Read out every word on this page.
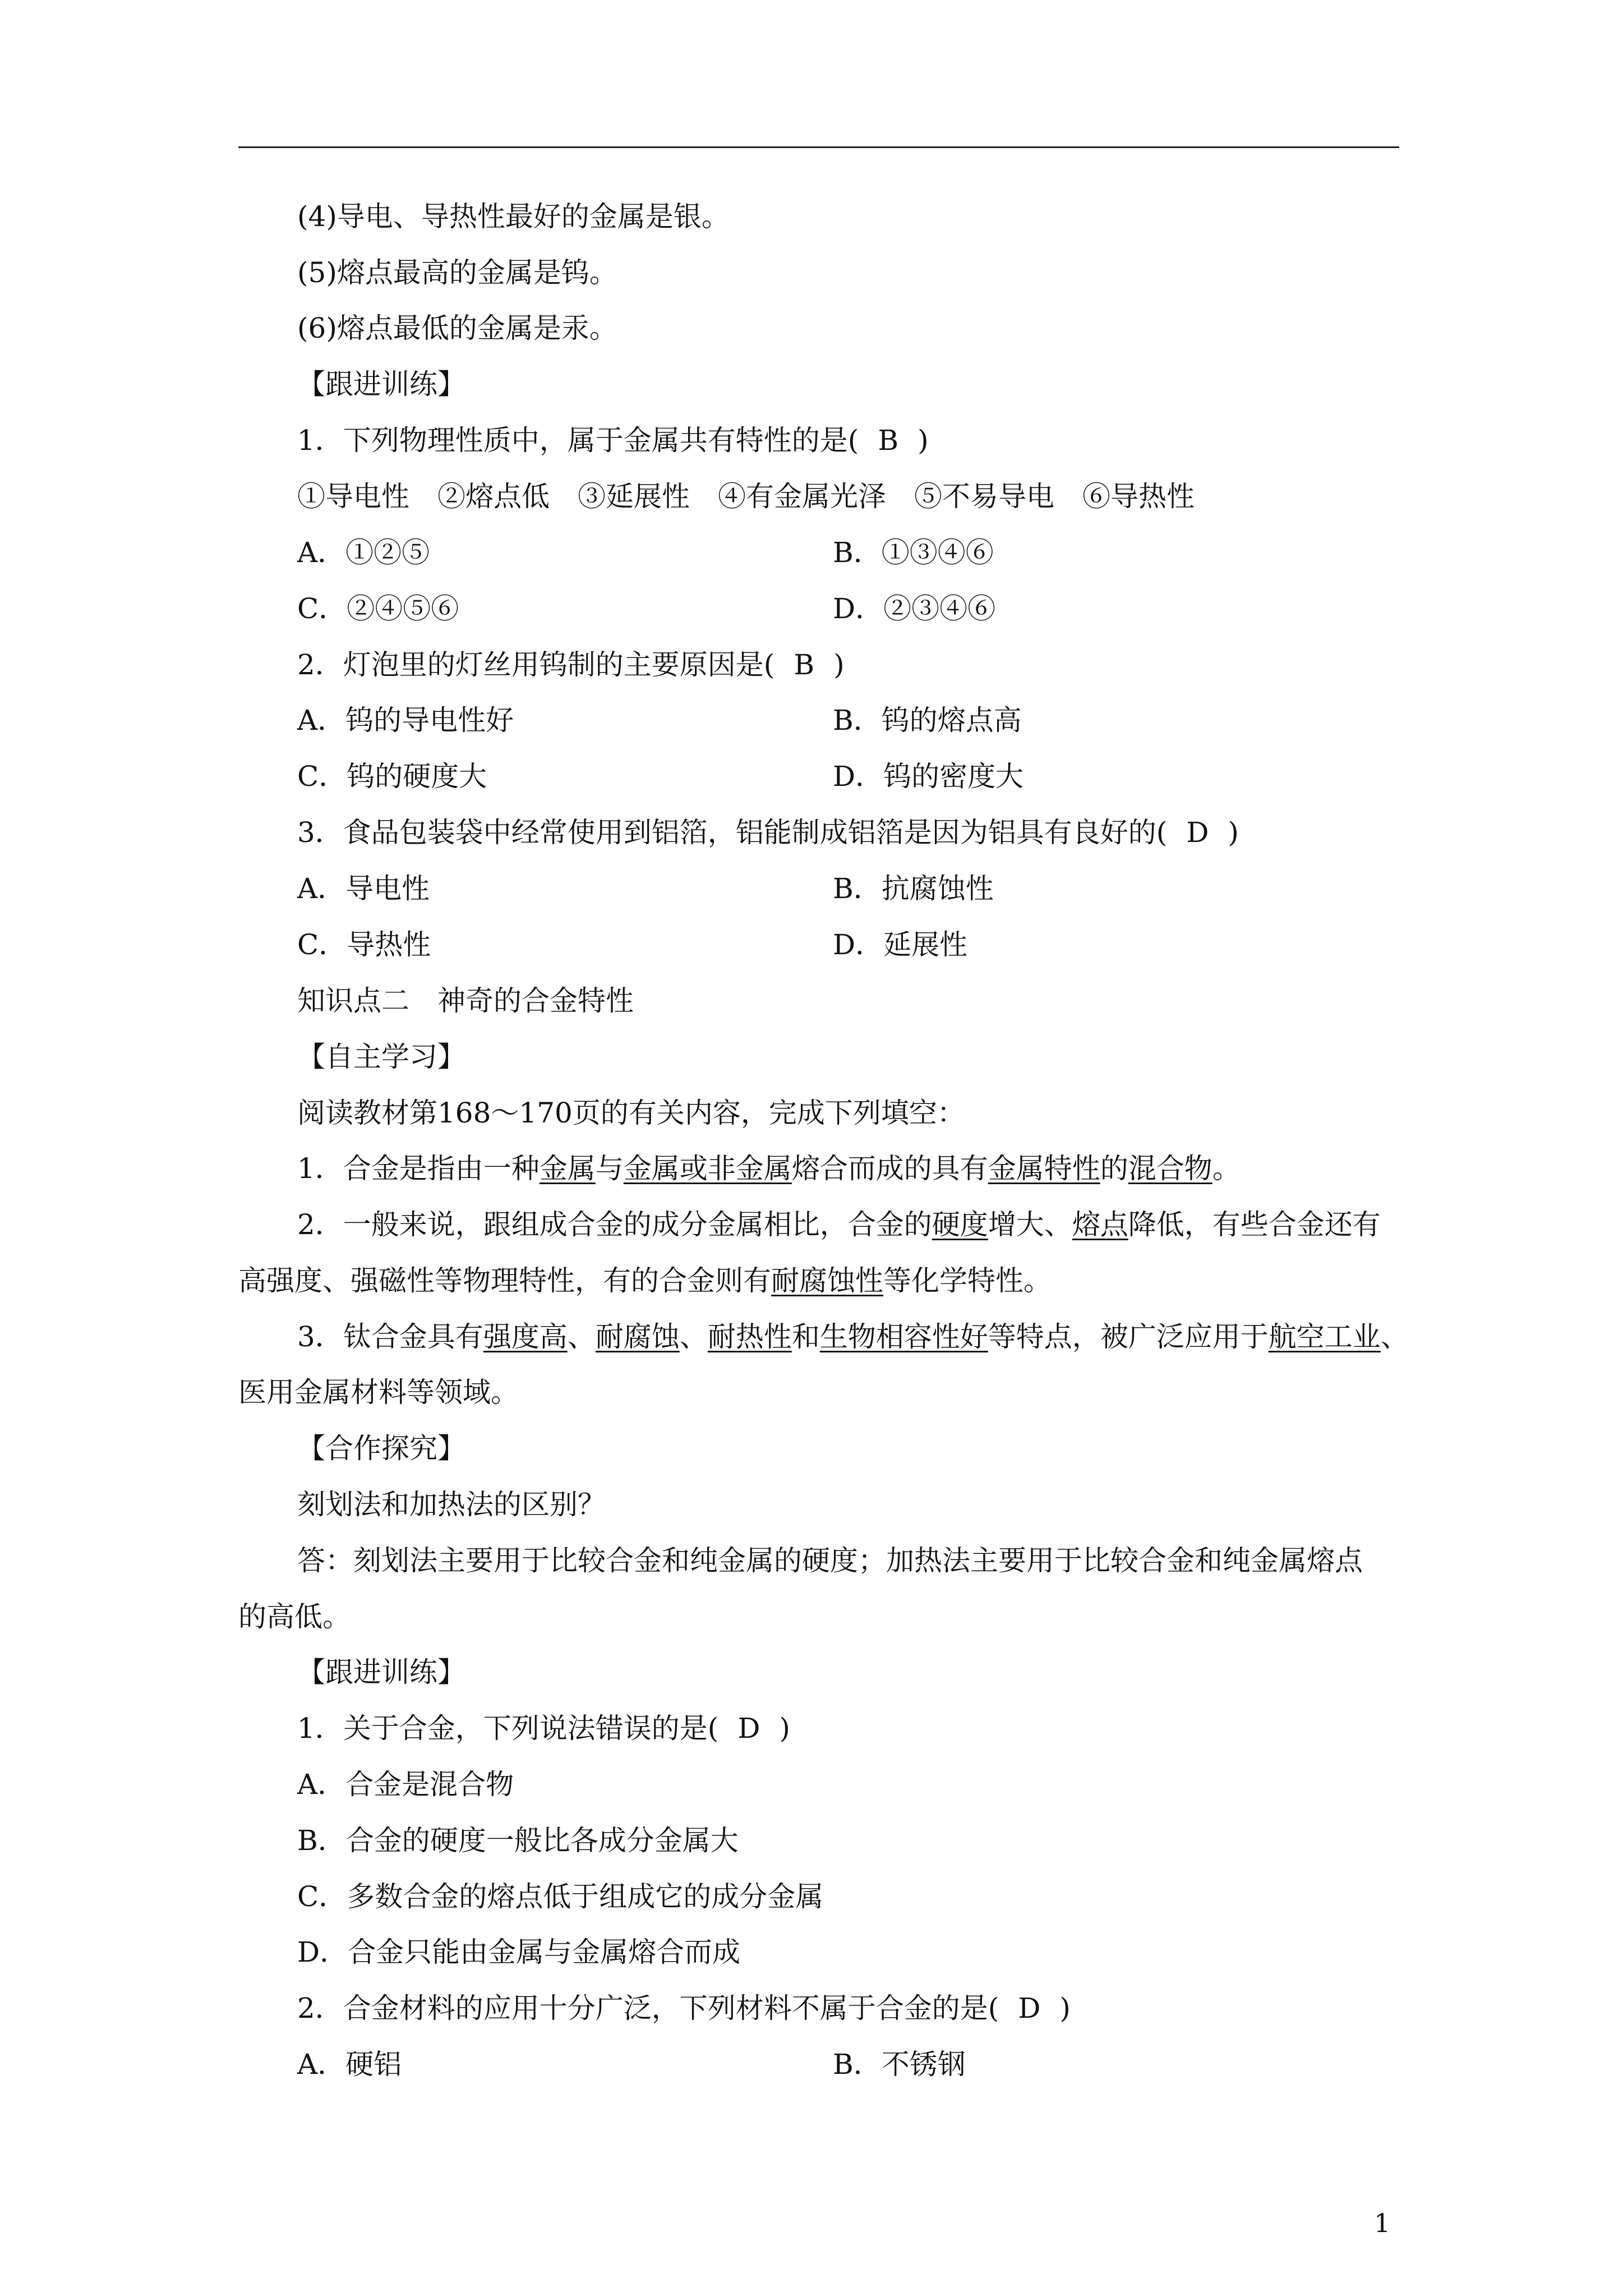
(4)导电、导热性最好的金属是银。
(5)熔点最高的金属是钨。
(6)熔点最低的金属是汞。
【跟进训练】
1．下列物理性质中，属于金属共有特性的是( B )
①导电性　②熔点低　③延展性　④有金属光泽　⑤不易导电　⑥导热性
A．①②⑤	B．①③④⑥
C．②④⑤⑥	D．②③④⑥
2．灯泡里的灯丝用钨制的主要原因是( B )
A．钨的导电性好	B．钨的熔点高
C．钨的硬度大	D．钨的密度大
3．食品包装袋中经常使用到铝箔，铝能制成铝箔是因为铝具有良好的( D )
A．导电性	B．抗腐蚀性
C．导热性	D．延展性
知识点二　神奇的合金特性
【自主学习】
阅读教材第168～170页的有关内容，完成下列填空：
1．合金是指由一种金属与金属或非金属熔合而成的具有金属特性的混合物。
2．一般来说，跟组成合金的成分金属相比，合金的硬度增大、熔点降低，有些合金还有
高强度、强磁性等物理特性，有的合金则有耐腐蚀性等化学特性。
3．钛合金具有强度高、耐腐蚀、耐热性和生物相容性好等特点，被广泛应用于航空工业、
医用金属材料等领域。
【合作探究】
刻划法和加热法的区别？
答：刻划法主要用于比较合金和纯金属的硬度；加热法主要用于比较合金和纯金属熔点
的高低。
【跟进训练】
1．关于合金，下列说法错误的是( D )
A．合金是混合物
B．合金的硬度一般比各成分金属大
C．多数合金的熔点低于组成它的成分金属
D．合金只能由金属与金属熔合而成
2．合金材料的应用十分广泛，下列材料不属于合金的是( D )
A．硬铝	B．不锈钢
1
